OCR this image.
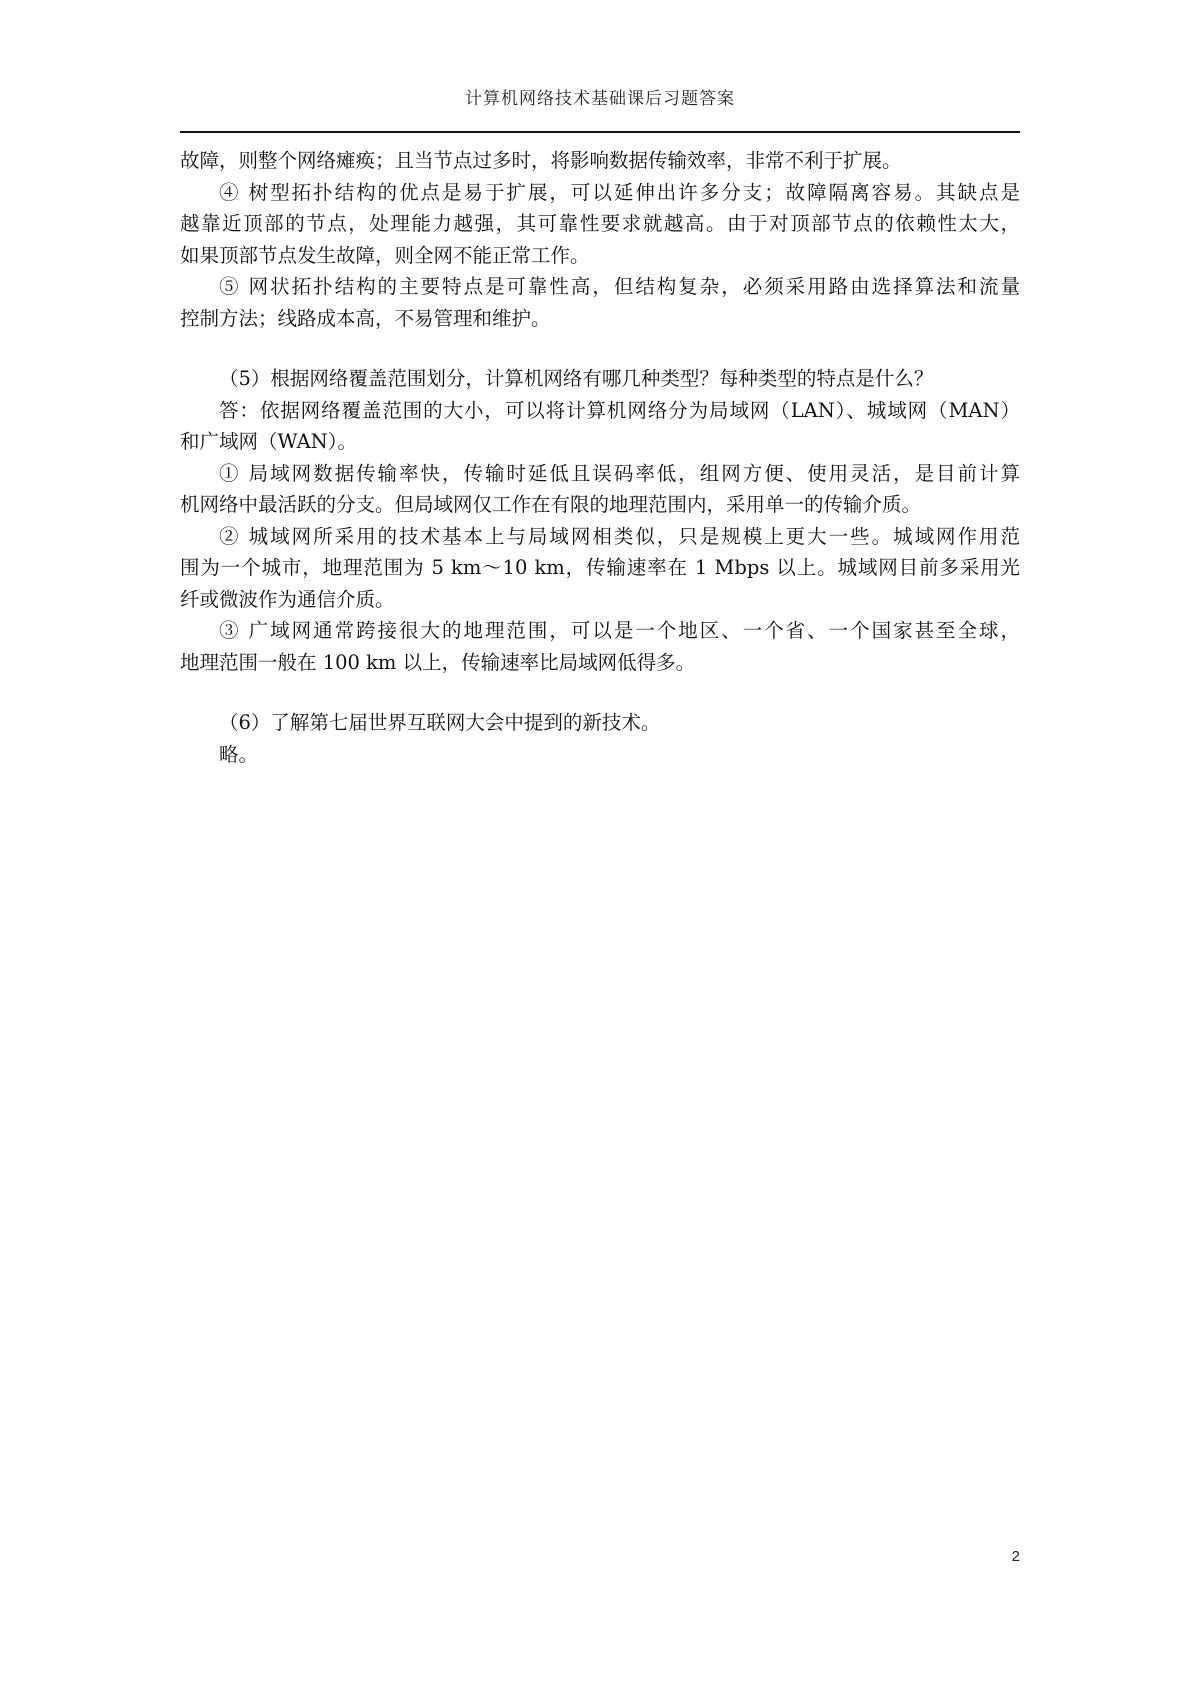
计算机网络技术基础课后习题答案
故障，则整个网络瘫痪；且当节点过多时，将影响数据传输效率，非常不利于扩展。
④ 树型拓扑结构的优点是易于扩展，可以延伸出许多分支；故障隔离容易。其缺点是
越靠近顶部的节点，处理能力越强，其可靠性要求就越高。由于对顶部节点的依赖性太大，
如果顶部节点发生故障，则全网不能正常工作。
⑤ 网状拓扑结构的主要特点是可靠性高，但结构复杂，必须采用路由选择算法和流量
控制方法；线路成本高，不易管理和维护。
（5）根据网络覆盖范围划分，计算机网络有哪几种类型？每种类型的特点是什么？
答：依据网络覆盖范围的大小，可以将计算机网络分为局域网（LAN）、城域网（MAN）
和广域网（WAN）。
① 局域网数据传输率快，传输时延低且误码率低，组网方便、使用灵活，是目前计算
机网络中最活跃的分支。但局域网仅工作在有限的地理范围内，采用单一的传输介质。
② 城域网所采用的技术基本上与局域网相类似，只是规模上更大一些。城域网作用范
围为一个城市，地理范围为 5 km～10 km，传输速率在 1 Mbps 以上。城域网目前多采用光
纤或微波作为通信介质。
③ 广域网通常跨接很大的地理范围，可以是一个地区、一个省、一个国家甚至全球，
地理范围一般在 100 km 以上，传输速率比局域网低得多。
（6）了解第七届世界互联网大会中提到的新技术。
略。
2
